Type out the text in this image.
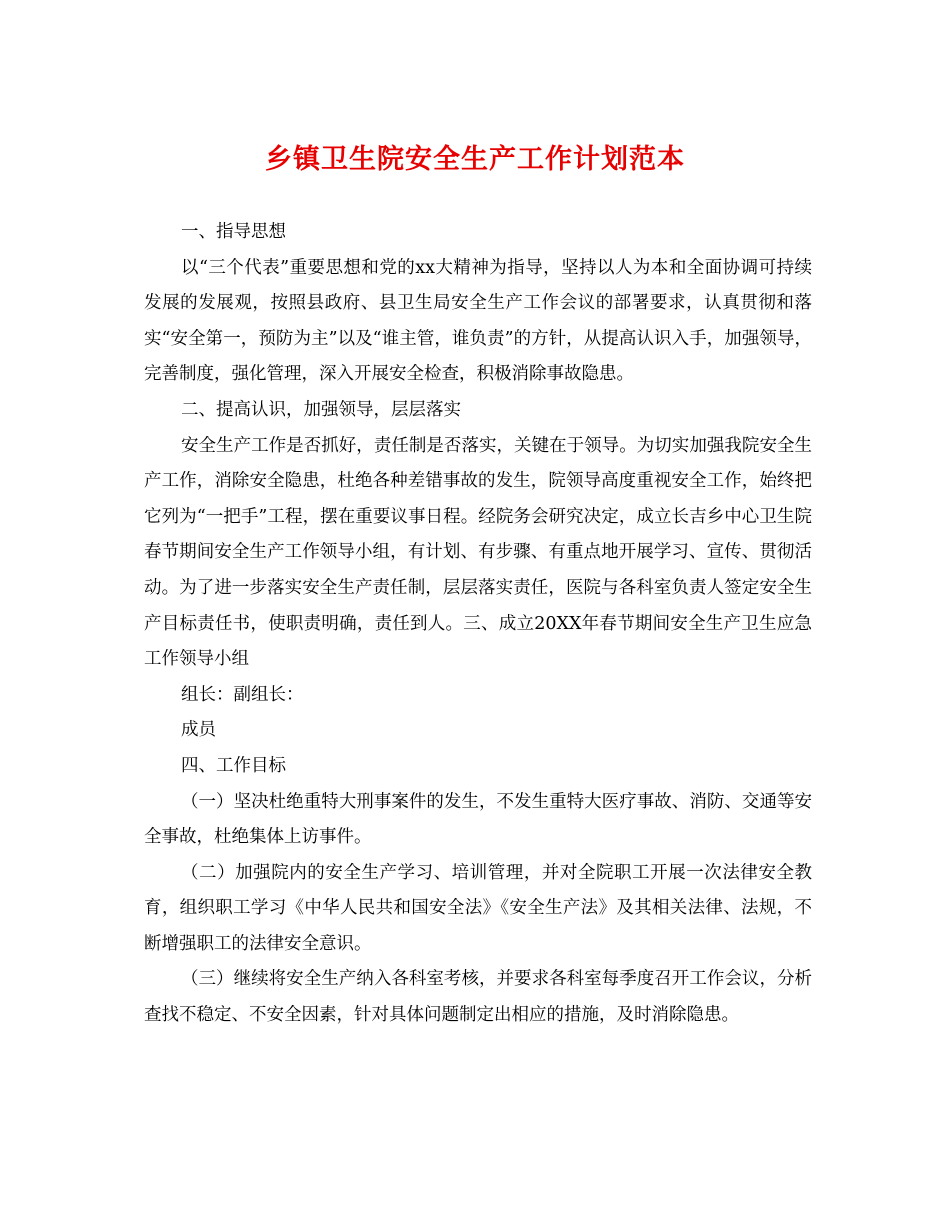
乡镇卫生院安全生产工作计划范本

一、指导思想

以“三个代表”重要思想和党的xx大精神为指导，坚持以人为本和全面协调可持续发展的发展观，按照县政府、县卫生局安全生产工作会议的部署要求，认真贯彻和落实“安全第一，预防为主”以及“谁主管，谁负责”的方针，从提高认识入手，加强领导，完善制度，强化管理，深入开展安全检查，积极消除事故隐患。

二、提高认识，加强领导，层层落实

安全生产工作是否抓好，责任制是否落实，关键在于领导。为切实加强我院安全生产工作，消除安全隐患，杜绝各种差错事故的发生，院领导高度重视安全工作，始终把它列为“一把手”工程，摆在重要议事日程。经院务会研究决定，成立长吉乡中心卫生院春节期间安全生产工作领导小组，有计划、有步骤、有重点地开展学习、宣传、贯彻活动。为了进一步落实安全生产责任制，层层落实责任，医院与各科室负责人签定安全生产目标责任书，使职责明确，责任到人。三、成立20XX年春节期间安全生产卫生应急工作领导小组

组长：副组长：

成员

四、工作目标

（一）坚决杜绝重特大刑事案件的发生，不发生重特大医疗事故、消防、交通等安全事故，杜绝集体上访事件。

（二）加强院内的安全生产学习、培训管理，并对全院职工开展一次法律安全教育，组织职工学习《中华人民共和国安全法》《安全生产法》及其相关法律、法规，不断增强职工的法律安全意识。

（三）继续将安全生产纳入各科室考核，并要求各科室每季度召开工作会议，分析查找不稳定、不安全因素，针对具体问题制定出相应的措施，及时消除隐患。
